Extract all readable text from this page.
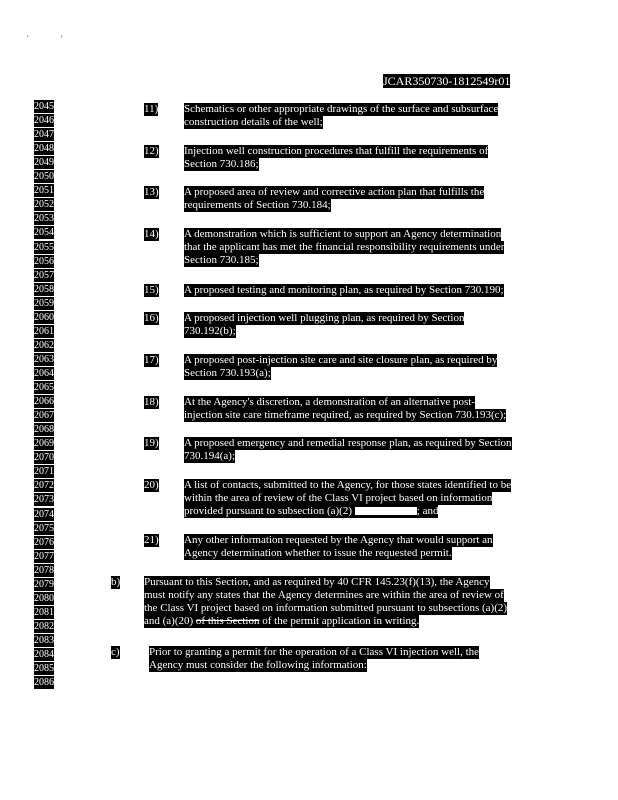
'	'
JCAR350730-1812549r01
2045
2046
2047
2048
2049
2050
2051
2052
2053
2054
2055
2056
2057
2058
2059
2060
2061
2062
2063
2064
2065
2066
2067
2068
2069
2070
2071
2072
2073
2074
2075
2076
2077
2078
2079
2080
2081
2082
2083
2084
2085
2086
11) Schematics or other appropriate drawings of the surface and subsurface
construction details of the well;
12) Injection well construction procedures that fulfill the requirements of
Section 730.186;
13) A proposed area of review and corrective action plan that fulfills the
requirements of Section 730.184;
14) A demonstration which is sufficient to support an Agency determination
that the applicant has met the financial responsibility requirements under
Section 730.185;
15) A proposed testing and monitoring plan, as required by Section 730.190;
16) A proposed injection well plugging plan, as required by Section
730.192(b);
17) A proposed post-injection site care and site closure plan, as required by
Section 730.193(a);
18) At the Agency's discretion, a demonstration of an alternative post-
injection site care timeframe required, as required by Section 730.193(c);
19) A proposed emergency and remedial response plan, as required by Section
730.194(a);
20) A list of contacts, submitted to the Agency, for those states identified to be
within the area of review of the Class VI project based on information
provided pursuant to subsection (a)(2)	; and
21) Any other information requested by the Agency that would support an
Agency determination whether to issue the requested permit.
b) Pursuant to this Section, and as required by 40 CFR 145.23(f)(13), the Agency
must notify any states that the Agency determines are within the area of review of
the Class VI project based on information submitted pursuant to subsections (a)(2)
and (a)(20) of this Section of the permit application in writing.
c)	Prior to granting a permit for the operation of a Class VI injection well, the
Agency must consider the following information:
